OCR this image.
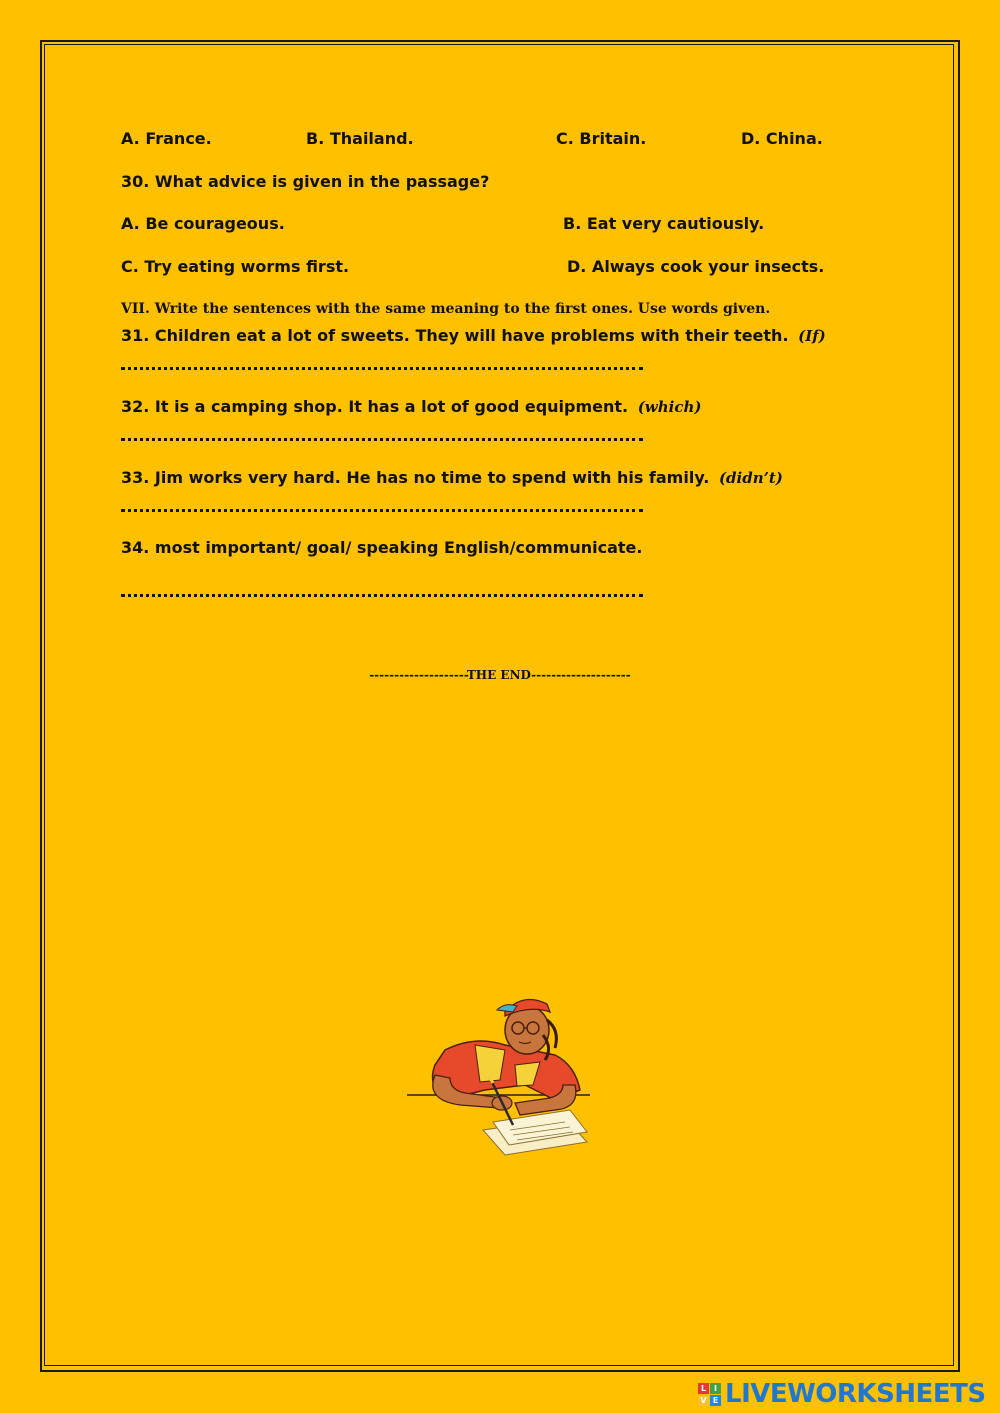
A. France.	B. Thailand.	C. Britain.	D. China.
30. What advice is given in the passage?
A. Be courageous.	B. Eat very cautiously.
C. Try eating worms first.	D. Always cook your insects.
VII. Write the sentences with the same meaning to the first ones. Use words given.
31. Children eat a lot of sweets. They will have problems with their teeth. (If)
32. It is a camping shop. It has a lot of good equipment. (which)
33. Jim works very hard. He has no time to spend with his family. (didn’t)
34. most important/ goal/ speaking English/communicate.
--------------------THE END--------------------
L I
V E LIVEWORKSHEETS
